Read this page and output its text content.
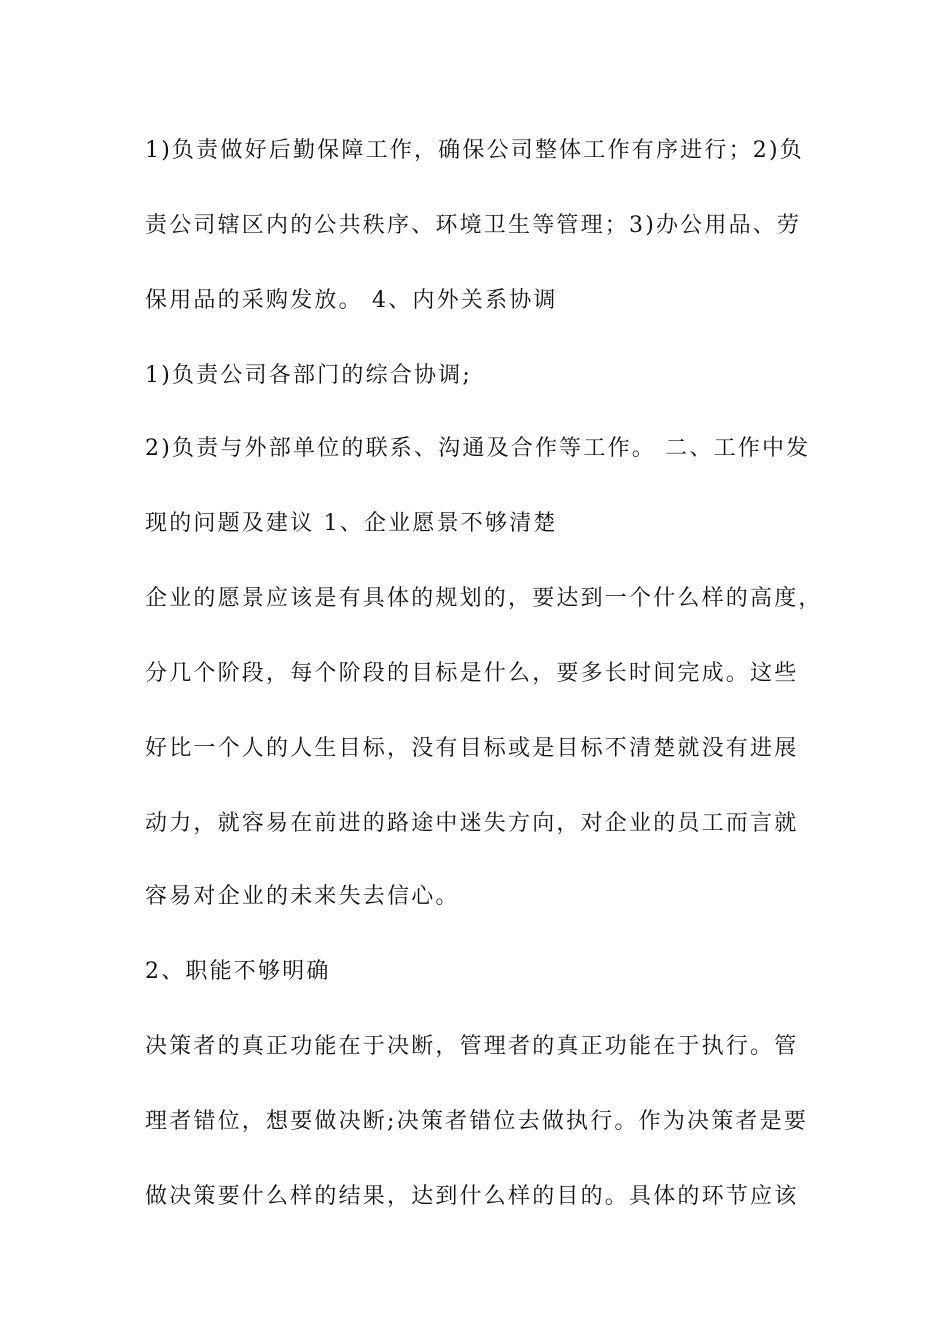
1)负责做好后勤保障工作，确保公司整体工作有序进行；2)负
责公司辖区内的公共秩序、环境卫生等管理；3)办公用品、劳
保用品的采购发放。 4、内外关系协调
1)负责公司各部门的综合协调;
2)负责与外部单位的联系、沟通及合作等工作。 二、工作中发
现的问题及建议 1、企业愿景不够清楚
企业的愿景应该是有具体的规划的，要达到一个什么样的高度，
分几个阶段，每个阶段的目标是什么，要多长时间完成。这些
好比一个人的人生目标，没有目标或是目标不清楚就没有进展
动力，就容易在前进的路途中迷失方向，对企业的员工而言就
容易对企业的未来失去信心。
2、职能不够明确
决策者的真正功能在于决断，管理者的真正功能在于执行。管
理者错位，想要做决断;决策者错位去做执行。作为决策者是要
做决策要什么样的结果，达到什么样的目的。具体的环节应该
